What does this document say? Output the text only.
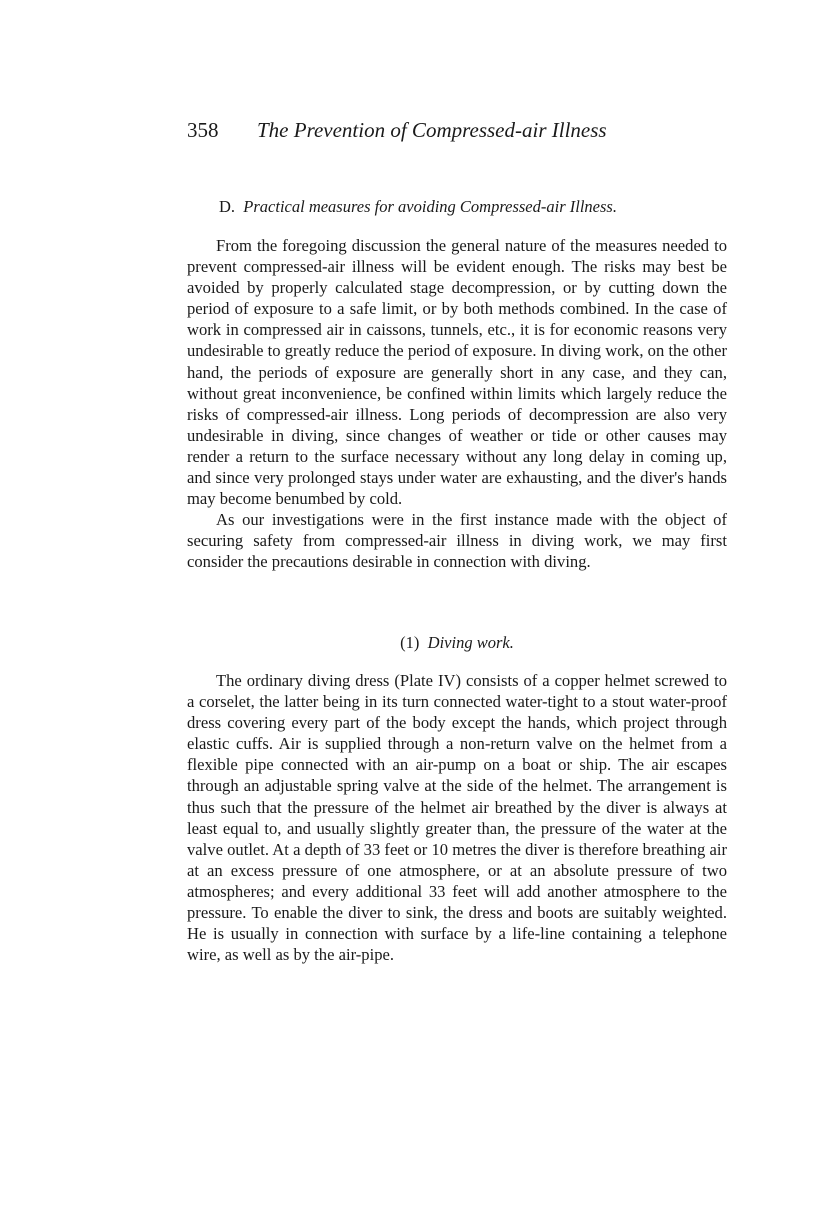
358 The Prevention of Compressed-air Illness
D. Practical measures for avoiding Compressed-air Illness.

From the foregoing discussion the general nature of the measures needed to prevent compressed-air illness will be evident enough. The risks may best be avoided by properly calculated stage decompression, or by cutting down the period of exposure to a safe limit, or by both methods combined. In the case of work in compressed air in caissons, tunnels, etc., it is for economic reasons very undesirable to greatly reduce the period of exposure. In diving work, on the other hand, the periods of exposure are generally short in any case, and they can, without great inconvenience, be confined within limits which largely reduce the risks of compressed-air illness. Long periods of decompression are also very undesirable in diving, since changes of weather or tide or other causes may render a return to the surface necessary without any long delay in coming up, and since very prolonged stays under water are exhausting, and the diver's hands may become benumbed by cold.

As our investigations were in the first instance made with the object of securing safety from compressed-air illness in diving work, we may first consider the precautions desirable in connection with diving.

(1) Diving work.

The ordinary diving dress (Plate IV) consists of a copper helmet screwed to a corselet, the latter being in its turn connected water-tight to a stout water-proof dress covering every part of the body except the hands, which project through elastic cuffs. Air is supplied through a non-return valve on the helmet from a flexible pipe connected with an air-pump on a boat or ship. The air escapes through an adjustable spring valve at the side of the helmet. The arrangement is thus such that the pressure of the helmet air breathed by the diver is always at least equal to, and usually slightly greater than, the pressure of the water at the valve outlet. At a depth of 33 feet or 10 metres the diver is therefore breathing air at an excess pressure of one atmosphere, or at an absolute pressure of two atmospheres; and every additional 33 feet will add another atmosphere to the pressure. To enable the diver to sink, the dress and boots are suitably weighted. He is usually in connection with surface by a life-line containing a telephone wire, as well as by the air-pipe.
